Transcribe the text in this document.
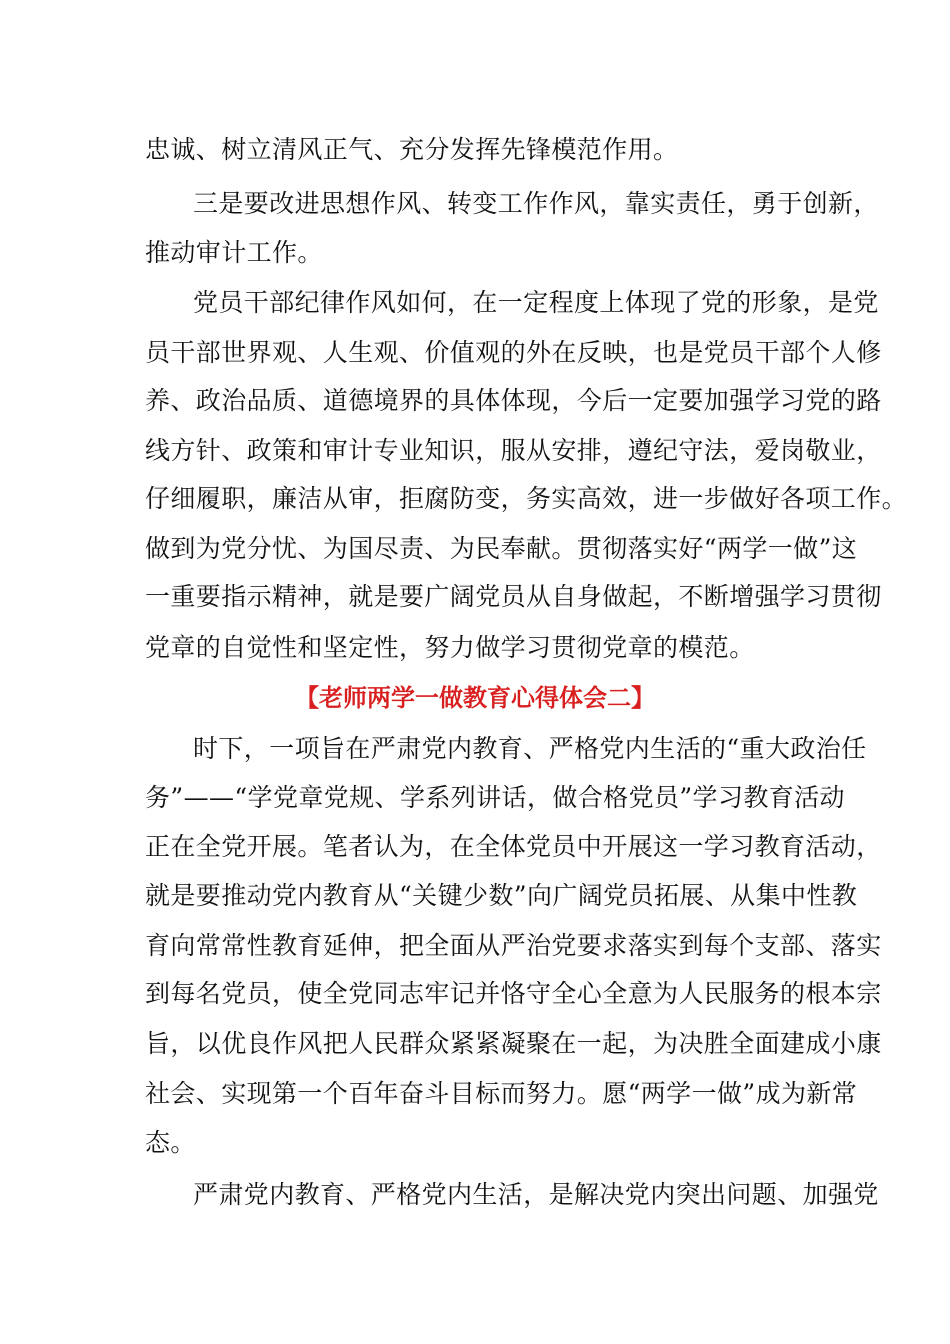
忠诚、树立清风正气、充分发挥先锋模范作用。
三是要改进思想作风、转变工作作风，靠实责任，勇于创新，
推动审计工作。
党员干部纪律作风如何，在一定程度上体现了党的形象，是党
员干部世界观、人生观、价值观的外在反映，也是党员干部个人修
养、政治品质、道德境界的具体体现，今后一定要加强学习党的路
线方针、政策和审计专业知识，服从安排，遵纪守法，爱岗敬业，
仔细履职，廉洁从审，拒腐防变，务实高效，进一步做好各项工作。
做到为党分忧、为国尽责、为民奉献。贯彻落实好“两学一做”这
一重要指示精神，就是要广阔党员从自身做起，不断增强学习贯彻
党章的自觉性和坚定性，努力做学习贯彻党章的模范。
【老师两学一做教育心得体会二】
时下，一项旨在严肃党内教育、严格党内生活的“重大政治任
务”——“学党章党规、学系列讲话，做合格党员”学习教育活动
正在全党开展。笔者认为，在全体党员中开展这一学习教育活动，
就是要推动党内教育从“关键少数”向广阔党员拓展、从集中性教
育向常常性教育延伸，把全面从严治党要求落实到每个支部、落实
到每名党员，使全党同志牢记并恪守全心全意为人民服务的根本宗
旨，以优良作风把人民群众紧紧凝聚在一起，为决胜全面建成小康
社会、实现第一个百年奋斗目标而努力。愿“两学一做”成为新常
态。
严肃党内教育、严格党内生活，是解决党内突出问题、加强党
